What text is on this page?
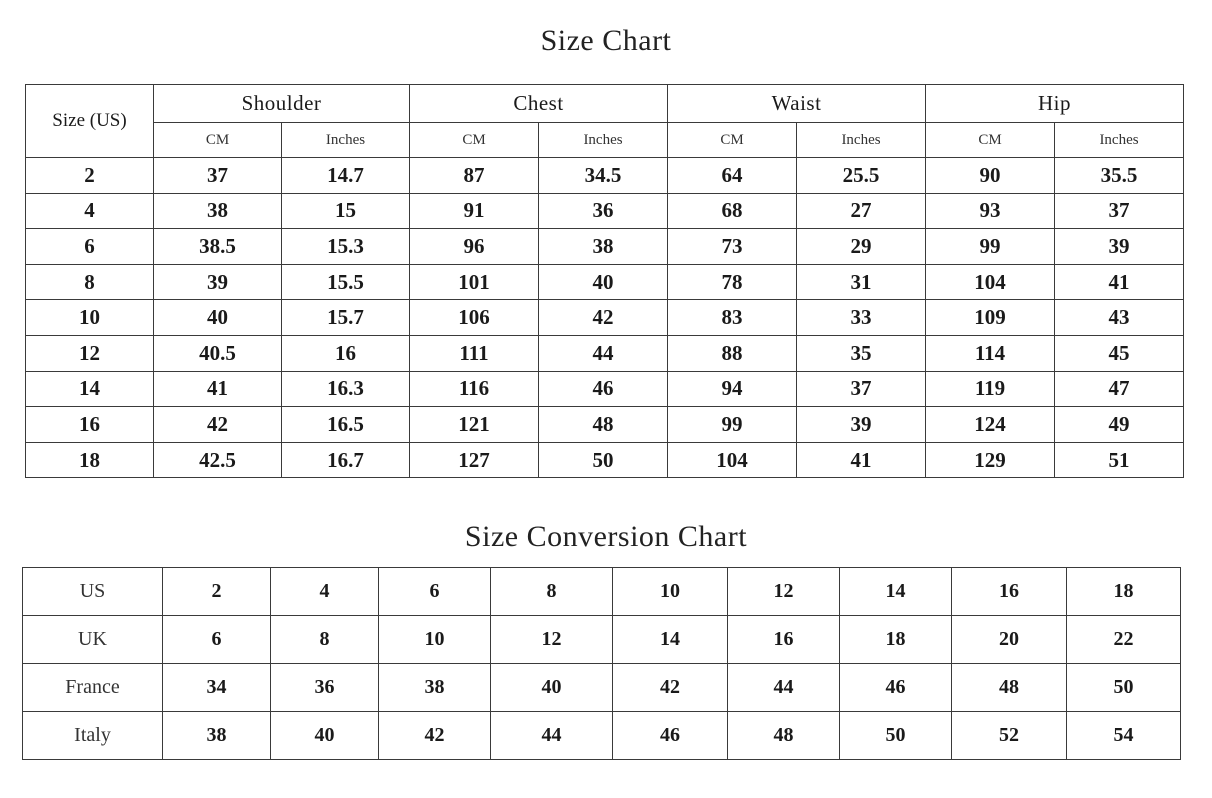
Size Chart
Size (US)	Shoulder		Chest		Waist		Hip	
	CM	Inches	CM	Inches	CM	Inches	CM	Inches
2	37	14.7	87	34.5	64	25.5	90	35.5
4	38	15	91	36	68	27	93	37
6	38.5	15.3	96	38	73	29	99	39
8	39	15.5	101	40	78	31	104	41
10	40	15.7	106	42	83	33	109	43
12	40.5	16	111	44	88	35	114	45
14	41	16.3	116	46	94	37	119	47
16	42	16.5	121	48	99	39	124	49
18	42.5	16.7	127	50	104	41	129	51
Size Conversion Chart
US	2	4	6	8	10	12	14	16	18
UK	6	8	10	12	14	16	18	20	22
France	34	36	38	40	42	44	46	48	50
Italy	38	40	42	44	46	48	50	52	54
